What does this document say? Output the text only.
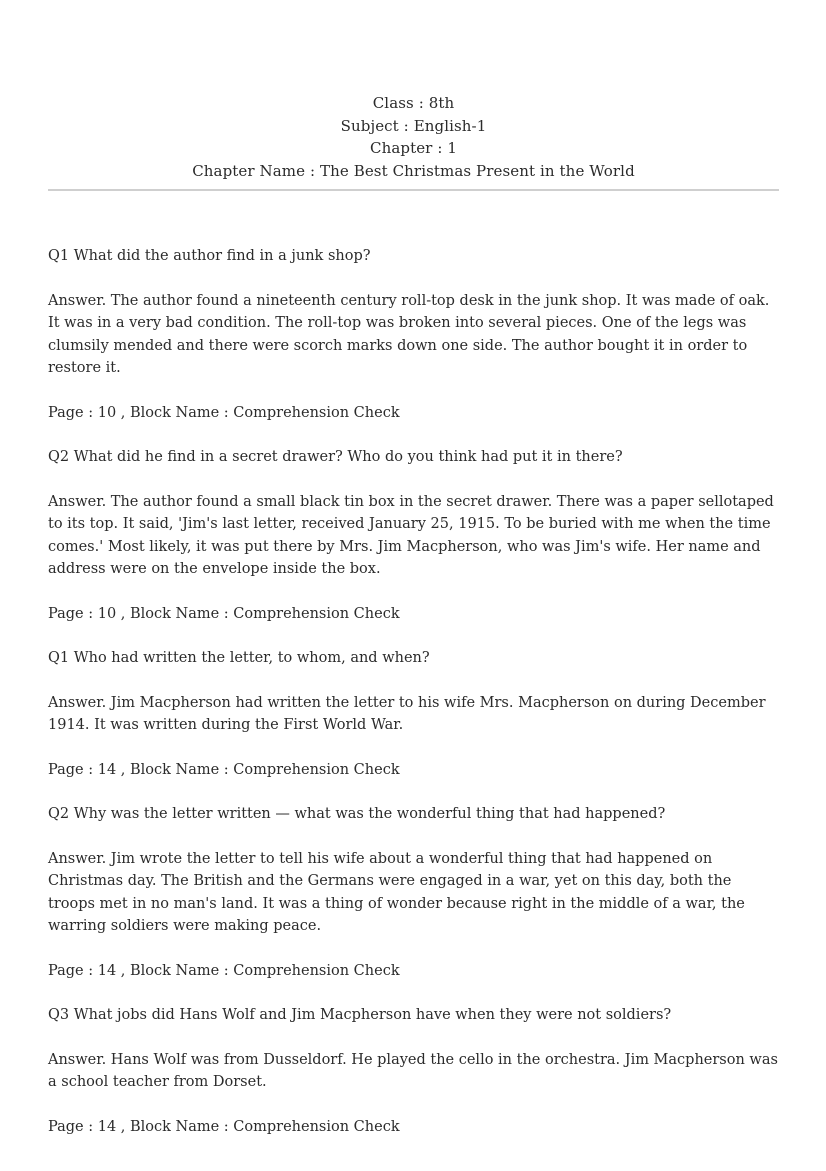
Class : 8th
Subject : English-1
Chapter : 1
Chapter Name : The Best Christmas Present in the World

Q1 What did the author find in a junk shop?

Answer. The author found a nineteenth century roll-top desk in the junk shop. It was made of oak. It was in a very bad condition. The roll-top was broken into several pieces. One of the legs was clumsily mended and there were scorch marks down one side. The author bought it in order to restore it.

Page : 10 , Block Name : Comprehension Check

Q2 What did he find in a secret drawer? Who do you think had put it in there?

Answer. The author found a small black tin box in the secret drawer. There was a paper sellotaped to its top. It said, 'Jim's last letter, received January 25, 1915. To be buried with me when the time comes.' Most likely, it was put there by Mrs. Jim Macpherson, who was Jim's wife. Her name and address were on the envelope inside the box.

Page : 10 , Block Name : Comprehension Check

Q1 Who had written the letter, to whom, and when?

Answer. Jim Macpherson had written the letter to his wife Mrs. Macpherson on during December 1914. It was written during the First World War.

Page : 14 , Block Name : Comprehension Check

Q2 Why was the letter written — what was the wonderful thing that had happened?

Answer. Jim wrote the letter to tell his wife about a wonderful thing that had happened on Christmas day. The British and the Germans were engaged in a war, yet on this day, both the troops met in no man's land. It was a thing of wonder because right in the middle of a war, the warring soldiers were making peace.

Page : 14 , Block Name : Comprehension Check

Q3 What jobs did Hans Wolf and Jim Macpherson have when they were not soldiers?

Answer. Hans Wolf was from Dusseldorf. He played the cello in the orchestra. Jim Macpherson was a school teacher from Dorset.

Page : 14 , Block Name : Comprehension Check
